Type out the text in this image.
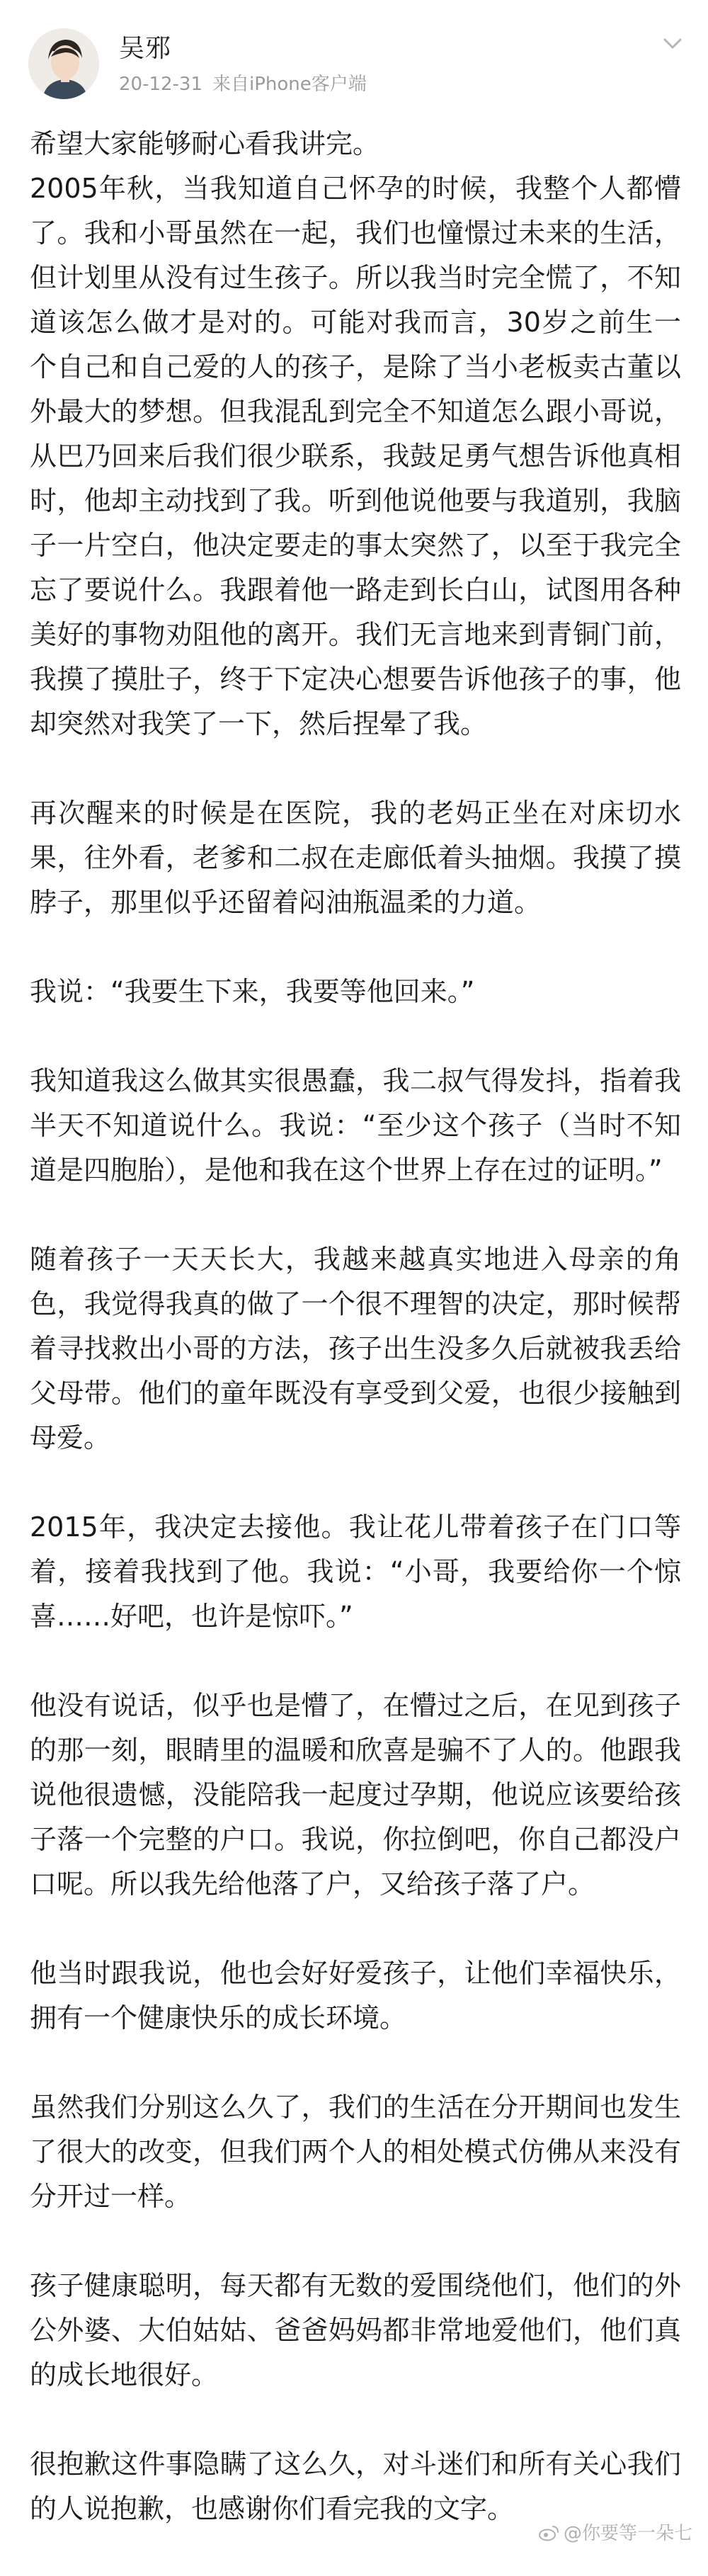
吴邪
20-12-31 来自iPhone客户端

希望大家能够耐心看我讲完。

2005年秋，当我知道自己怀孕的时候，我整个人都懵了。我和小哥虽然在一起，我们也憧憬过未来的生活，但计划里从没有过生孩子。所以我当时完全慌了，不知道该怎么做才是对的。可能对我而言，30岁之前生一个自己和自己爱的人的孩子，是除了当小老板卖古董以外最大的梦想。但我混乱到完全不知道怎么跟小哥说，从巴乃回来后我们很少联系，我鼓足勇气想告诉他真相时，他却主动找到了我。听到他说他要与我道别，我脑子一片空白，他决定要走的事太突然了，以至于我完全忘了要说什么。我跟着他一路走到长白山，试图用各种美好的事物劝阻他的离开。我们无言地来到青铜门前，我摸了摸肚子，终于下定决心想要告诉他孩子的事，他却突然对我笑了一下，然后捏晕了我。

再次醒来的时候是在医院，我的老妈正坐在对床切水果，往外看，老爹和二叔在走廊低着头抽烟。我摸了摸脖子，那里似乎还留着闷油瓶温柔的力道。

我说：“我要生下来，我要等他回来。”

我知道我这么做其实很愚蠢，我二叔气得发抖，指着我半天不知道说什么。我说：“至少这个孩子（当时不知道是四胞胎），是他和我在这个世界上存在过的证明。”

随着孩子一天天长大，我越来越真实地进入母亲的角色，我觉得我真的做了一个很不理智的决定，那时候帮着寻找救出小哥的方法，孩子出生没多久后就被我丢给父母带。他们的童年既没有享受到父爱，也很少接触到母爱。

2015年，我决定去接他。我让花儿带着孩子在门口等着，接着我找到了他。我说：“小哥，我要给你一个惊喜……好吧，也许是惊吓。”

他没有说话，似乎也是懵了，在懵过之后，在见到孩子的那一刻，眼睛里的温暖和欣喜是骗不了人的。他跟我说他很遗憾，没能陪我一起度过孕期，他说应该要给孩子落一个完整的户口。我说，你拉倒吧，你自己都没户口呢。所以我先给他落了户，又给孩子落了户。

他当时跟我说，他也会好好爱孩子，让他们幸福快乐，拥有一个健康快乐的成长环境。

虽然我们分别这么久了，我们的生活在分开期间也发生了很大的改变，但我们两个人的相处模式仿佛从来没有分开过一样。

孩子健康聪明，每天都有无数的爱围绕他们，他们的外公外婆、大伯姑姑、爸爸妈妈都非常地爱他们，他们真的成长地很好。

很抱歉这件事隐瞒了这么久，对斗迷们和所有关心我们的人说抱歉，也感谢你们看完我的文字。

@你要等一朵七
